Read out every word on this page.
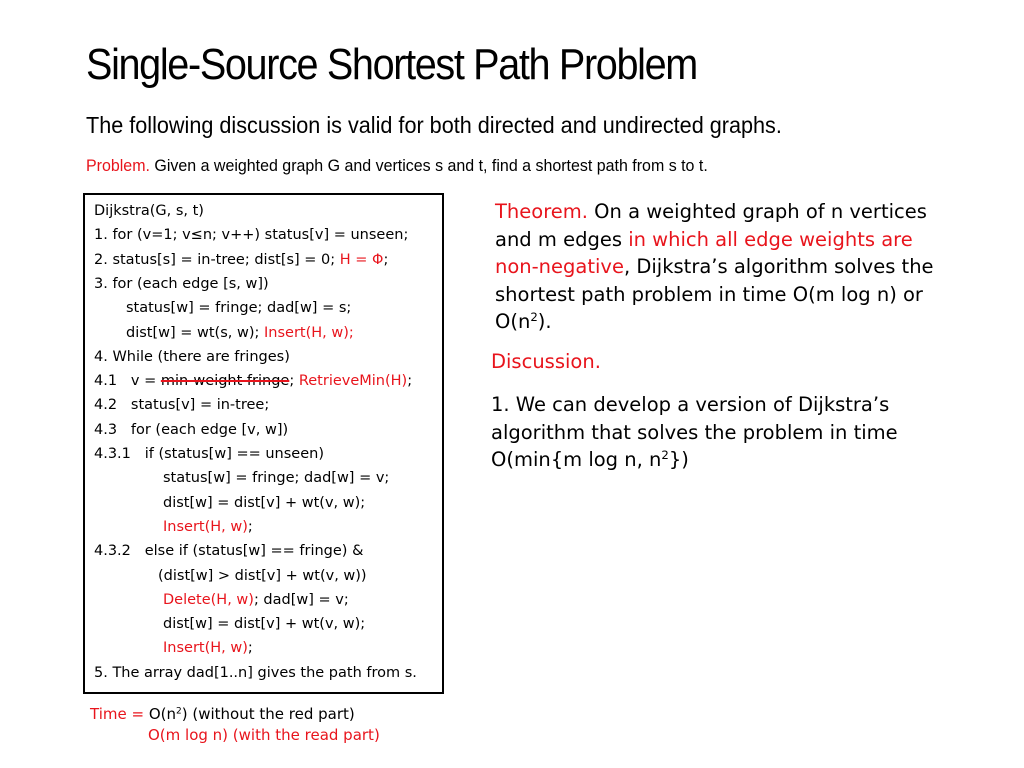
Single-Source Shortest Path Problem
The following discussion is valid for both directed and undirected graphs.
Problem. Given a weighted graph G and vertices s and t, find a shortest path from s to t.
Dijkstra(G, s, t)
1. for (v=1; v≤n; v++) status[v] = unseen;
2. status[s] = in-tree; dist[s] = 0; H = Φ;
3. for (each edge [s, w])
status[w] = fringe; dad[w] = s;
dist[w] = wt(s, w); Insert(H, w);
4. While (there are fringes)
4.1   v = min-weight fringe; RetrieveMin(H);
4.2   status[v] = in-tree;
4.3   for (each edge [v, w])
4.3.1   if (status[w] == unseen)
status[w] = fringe; dad[w] = v;
dist[w] = dist[v] + wt(v, w);
Insert(H, w);
4.3.2   else if (status[w] == fringe) &
(dist[w] > dist[v] + wt(v, w))
Delete(H, w); dad[w] = v;
dist[w] = dist[v] + wt(v, w);
Insert(H, w);
5. The array dad[1..n] gives the path from s.
Time = $O(n^2)$ (without the red part)
O(m log n) (with the read part)
Theorem. On a weighted graph of n vertices and m edges in which all edge weights are non-negative, Dijkstra’s algorithm solves the shortest path problem in time O(m log n) or $O(n^2)$.
Discussion.
1. We can develop a version of Dijkstra’s algorithm that solves the problem in time O(min{m log n, $n^2$})
